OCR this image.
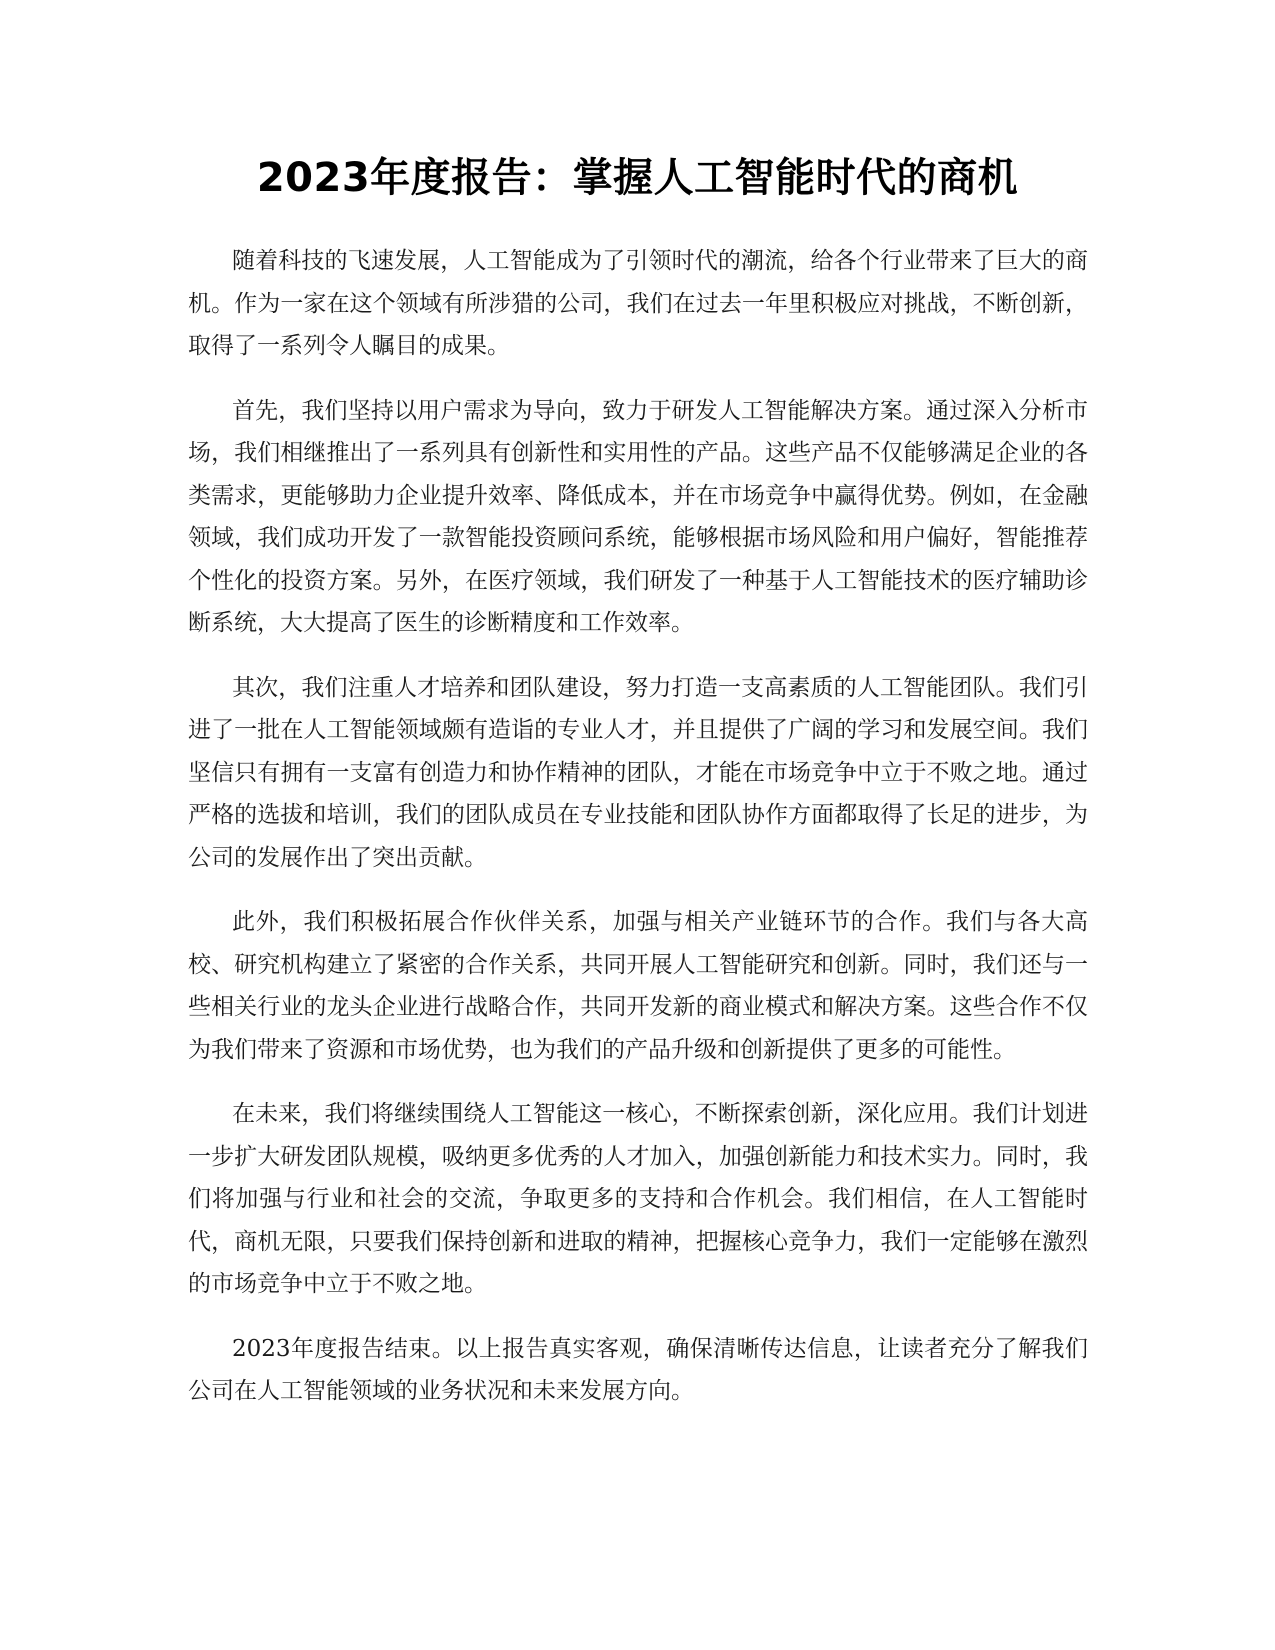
2023年度报告：掌握人工智能时代的商机

随着科技的飞速发展，人工智能成为了引领时代的潮流，给各个行业带来了巨大的商机。作为一家在这个领域有所涉猎的公司，我们在过去一年里积极应对挑战，不断创新，取得了一系列令人瞩目的成果。

首先，我们坚持以用户需求为导向，致力于研发人工智能解决方案。通过深入分析市场，我们相继推出了一系列具有创新性和实用性的产品。这些产品不仅能够满足企业的各类需求，更能够助力企业提升效率、降低成本，并在市场竞争中赢得优势。例如，在金融领域，我们成功开发了一款智能投资顾问系统，能够根据市场风险和用户偏好，智能推荐个性化的投资方案。另外，在医疗领域，我们研发了一种基于人工智能技术的医疗辅助诊断系统，大大提高了医生的诊断精度和工作效率。

其次，我们注重人才培养和团队建设，努力打造一支高素质的人工智能团队。我们引进了一批在人工智能领域颇有造诣的专业人才，并且提供了广阔的学习和发展空间。我们坚信只有拥有一支富有创造力和协作精神的团队，才能在市场竞争中立于不败之地。通过严格的选拔和培训，我们的团队成员在专业技能和团队协作方面都取得了长足的进步，为公司的发展作出了突出贡献。

此外，我们积极拓展合作伙伴关系，加强与相关产业链环节的合作。我们与各大高校、研究机构建立了紧密的合作关系，共同开展人工智能研究和创新。同时，我们还与一些相关行业的龙头企业进行战略合作，共同开发新的商业模式和解决方案。这些合作不仅为我们带来了资源和市场优势，也为我们的产品升级和创新提供了更多的可能性。

在未来，我们将继续围绕人工智能这一核心，不断探索创新，深化应用。我们计划进一步扩大研发团队规模，吸纳更多优秀的人才加入，加强创新能力和技术实力。同时，我们将加强与行业和社会的交流，争取更多的支持和合作机会。我们相信，在人工智能时代，商机无限，只要我们保持创新和进取的精神，把握核心竞争力，我们一定能够在激烈的市场竞争中立于不败之地。

2023年度报告结束。以上报告真实客观，确保清晰传达信息，让读者充分了解我们公司在人工智能领域的业务状况和未来发展方向。
